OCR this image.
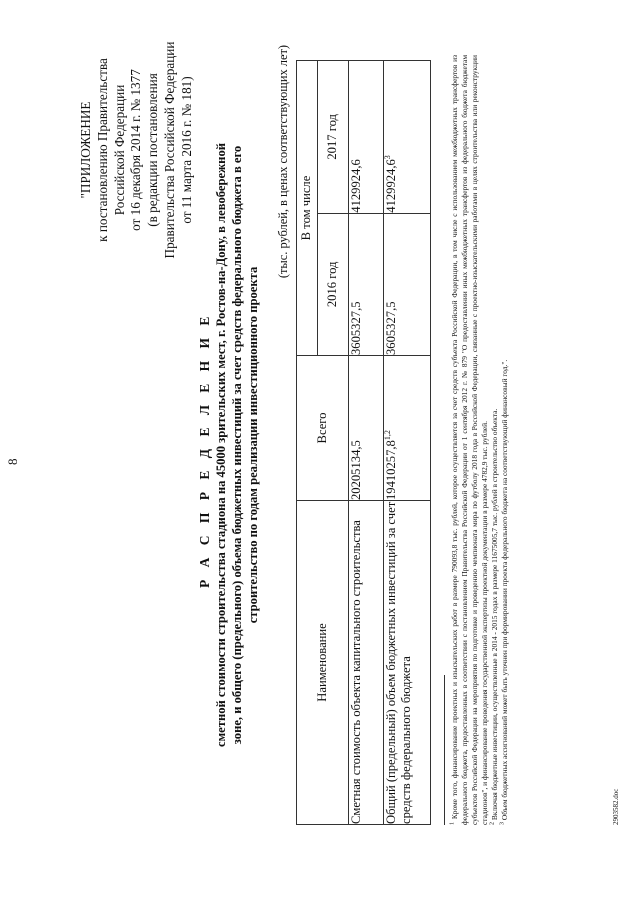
8
"ПРИЛОЖЕНИЕ к постановлению Правительства Российской Федерации от 16 декабря 2014 г. № 1377 (в редакции постановления Правительства Российской Федерации от 11 марта 2016 г. № 181)
Р А С П Р Е Д Е Л Е Н И Е сметной стоимости строительства стадиона на 45000 зрительских мест, г. Ростов-на-Дону, в левобережной зоне, и общего (предельного) объема бюджетных инвестиций за счет средств федерального бюджета в его строительство по годам реализации инвестиционного проекта
(тыс. рублей, в ценах соответствующих лет)
Наименование	Всего	В том числе	
		2016 год	2017 год
Сметная стоимость объекта капитального строительства	20205134,5	3605327,5	4129924,6
Общий (предельный) объем бюджетных инвестиций за счет средств федерального бюджета	19410257,8$^{1,2}$	3605327,5	4129924,6$^3$

$^1$ Кроме того, финансирование проектных и изыскательских работ в размере 790093,8 тыс. рублей, которое осуществляется за счет средств субъекта Российской Федерации, в том числе с использованием межбюджетных трансфертов из федерального бюджета, предоставленных в соответствии с постановлением Правительства Российской Федерации от 1 сентября 2012 г. № 879 "О предоставлении иных межбюджетных трансфертов из федерального бюджета бюджетам субъектов Российской Федерации на мероприятия по подготовке и проведению чемпионата мира по футболу 2018 года в Российской Федерации, связанные с проектно-изыскательскими работами в целях строительства или реконструкции стадионов", и финансирование проведения государственной экспертизы проектной документации в размере 4782,9 тыс. рублей. $^2$ Включая бюджетные инвестиции, осуществленные в 2014 - 2015 годах в размере 11675005,7 тыс. рублей в строительство объекта.

$^3$ Объем бюджетных ассигнований может быть уточнен при формировании проекта федерального бюджета на соответствующий финансовый год.".	2903582.doc
